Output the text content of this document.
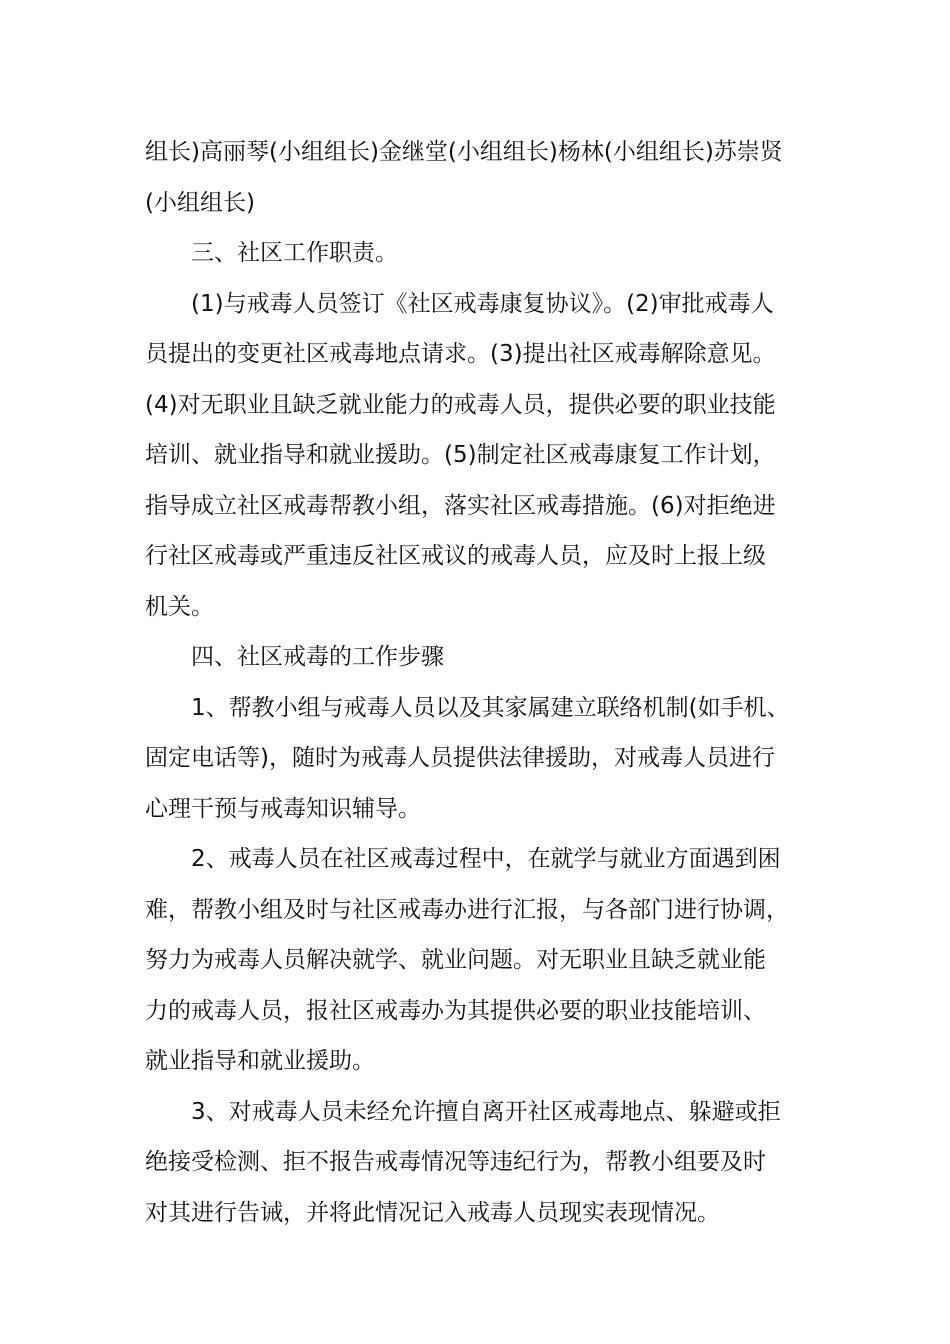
组长)高丽琴(小组组长)金继堂(小组组长)杨林(小组组长)苏崇贤
(小组组长)
三、社区工作职责。
(1)与戒毒人员签订《社区戒毒康复协议》。(2)审批戒毒人
员提出的变更社区戒毒地点请求。(3)提出社区戒毒解除意见。
(4)对无职业且缺乏就业能力的戒毒人员，提供必要的职业技能
培训、就业指导和就业援助。(5)制定社区戒毒康复工作计划，
指导成立社区戒毒帮教小组，落实社区戒毒措施。(6)对拒绝进
行社区戒毒或严重违反社区戒议的戒毒人员，应及时上报上级
机关。
四、社区戒毒的工作步骤
1、帮教小组与戒毒人员以及其家属建立联络机制(如手机、
固定电话等)，随时为戒毒人员提供法律援助，对戒毒人员进行
心理干预与戒毒知识辅导。
2、戒毒人员在社区戒毒过程中，在就学与就业方面遇到困
难，帮教小组及时与社区戒毒办进行汇报，与各部门进行协调，
努力为戒毒人员解决就学、就业问题。对无职业且缺乏就业能
力的戒毒人员，报社区戒毒办为其提供必要的职业技能培训、
就业指导和就业援助。
3、对戒毒人员未经允许擅自离开社区戒毒地点、躲避或拒
绝接受检测、拒不报告戒毒情况等违纪行为，帮教小组要及时
对其进行告诫，并将此情况记入戒毒人员现实表现情况。
